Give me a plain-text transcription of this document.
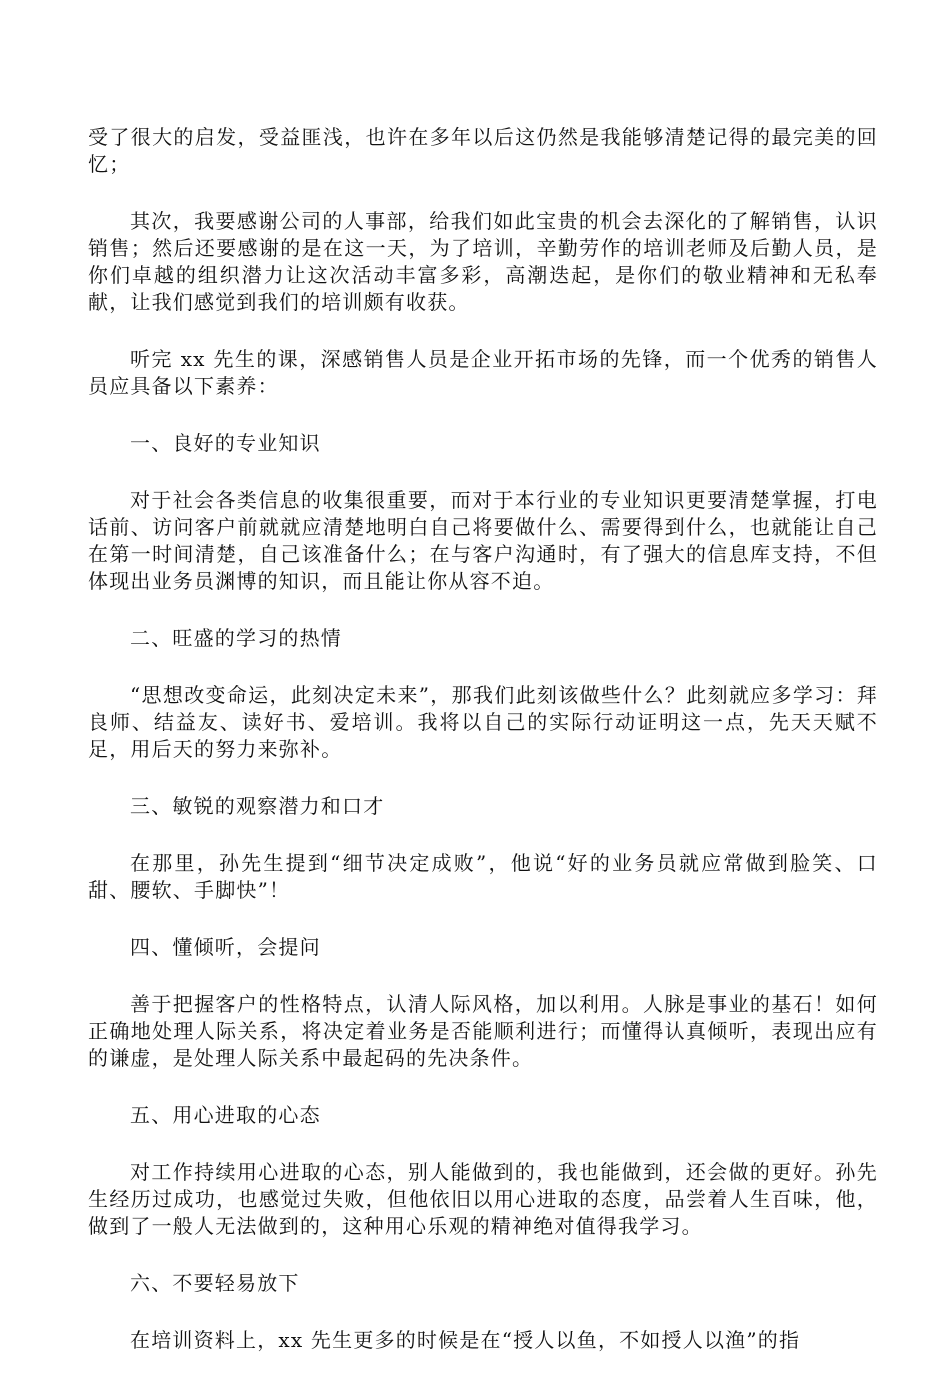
受了很大的启发，受益匪浅，也许在多年以后这仍然是我能够清楚记得的最完美的回忆；

其次，我要感谢公司的人事部，给我们如此宝贵的机会去深化的了解销售，认识销售；然后还要感谢的是在这一天，为了培训，辛勤劳作的培训老师及后勤人员，是你们卓越的组织潜力让这次活动丰富多彩，高潮迭起，是你们的敬业精神和无私奉献，让我们感觉到我们的培训颇有收获。

听完 xx 先生的课，深感销售人员是企业开拓市场的先锋，而一个优秀的销售人员应具备以下素养：

一、良好的专业知识

对于社会各类信息的收集很重要，而对于本行业的专业知识更要清楚掌握，打电话前、访问客户前就就应清楚地明白自己将要做什么、需要得到什么，也就能让自己在第一时间清楚，自己该准备什么；在与客户沟通时，有了强大的信息库支持，不但体现出业务员渊博的知识，而且能让你从容不迫。

二、旺盛的学习的热情

“思想改变命运，此刻决定未来”，那我们此刻该做些什么？此刻就应多学习：拜良师、结益友、读好书、爱培训。我将以自己的实际行动证明这一点，先天天赋不足，用后天的努力来弥补。

三、敏锐的观察潜力和口才

在那里，孙先生提到“细节决定成败”，他说“好的业务员就应常做到脸笑、口甜、腰软、手脚快”！

四、懂倾听，会提问

善于把握客户的性格特点，认清人际风格，加以利用。人脉是事业的基石！如何正确地处理人际关系，将决定着业务是否能顺利进行；而懂得认真倾听，表现出应有的谦虚，是处理人际关系中最起码的先决条件。

五、用心进取的心态

对工作持续用心进取的心态，别人能做到的，我也能做到，还会做的更好。孙先生经历过成功，也感觉过失败，但他依旧以用心进取的态度，品尝着人生百味，他，做到了一般人无法做到的，这种用心乐观的精神绝对值得我学习。

六、不要轻易放下

在培训资料上，xx 先生更多的时候是在“授人以鱼，不如授人以渔”的指
